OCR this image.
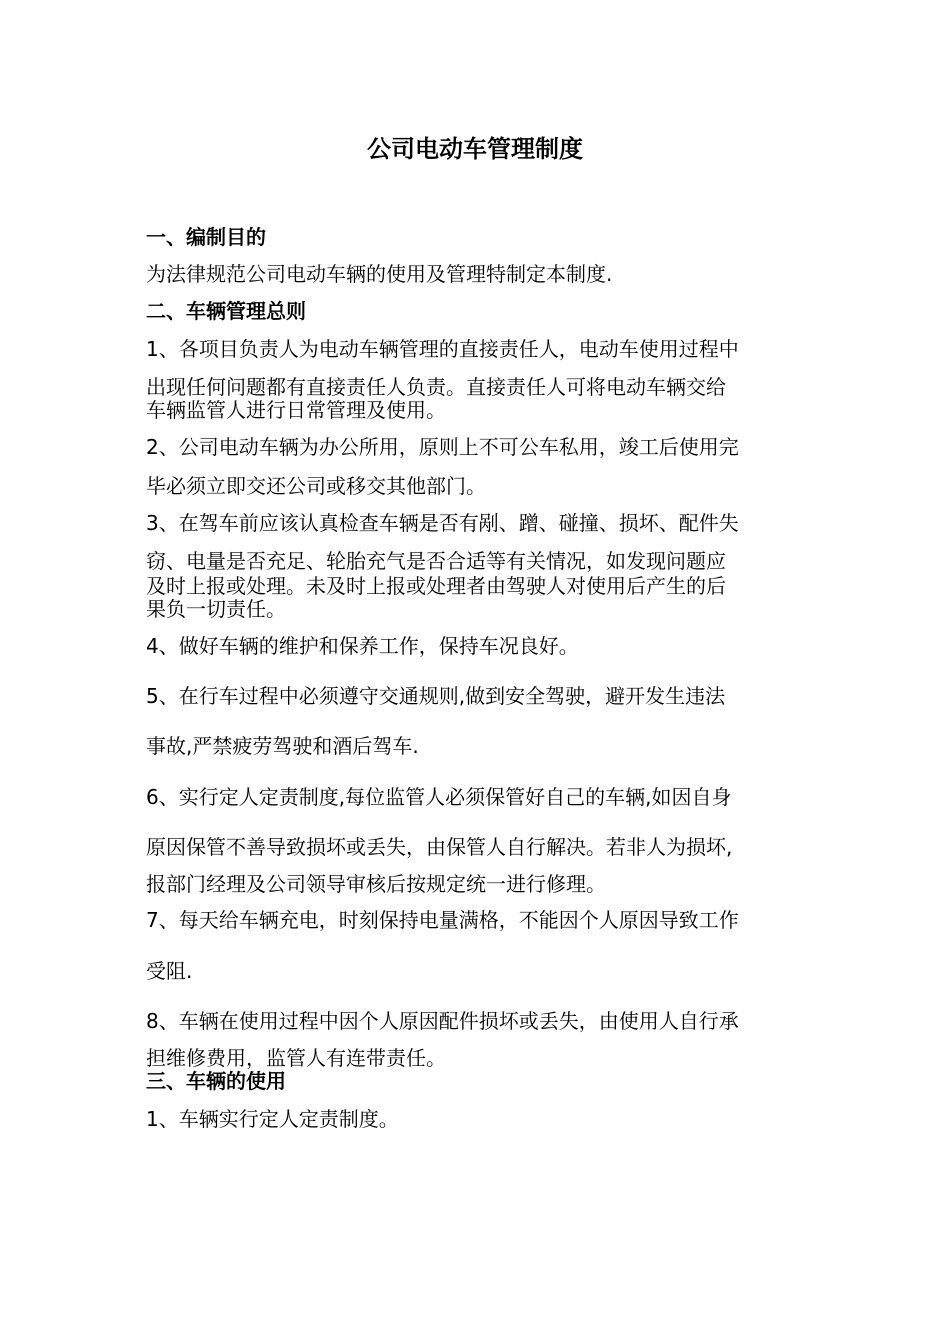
公司电动车管理制度
一、编制目的
为法律规范公司电动车辆的使用及管理特制定本制度.
二、车辆管理总则
1、各项目负责人为电动车辆管理的直接责任人，电动车使用过程中
出现任何问题都有直接责任人负责。直接责任人可将电动车辆交给
车辆监管人进行日常管理及使用。
2、公司电动车辆为办公所用，原则上不可公车私用，竣工后使用完
毕必须立即交还公司或移交其他部门。
3、在驾车前应该认真检查车辆是否有剐、蹭、碰撞、损坏、配件失
窃、电量是否充足、轮胎充气是否合适等有关情况，如发现问题应
及时上报或处理。未及时上报或处理者由驾驶人对使用后产生的后
果负一切责任。
4、做好车辆的维护和保养工作，保持车况良好。
5、在行车过程中必须遵守交通规则,做到安全驾驶，避开发生违法
事故,严禁疲劳驾驶和酒后驾车.
6、实行定人定责制度,每位监管人必须保管好自己的车辆,如因自身
原因保管不善导致损坏或丢失，由保管人自行解决。若非人为损坏,
报部门经理及公司领导审核后按规定统一进行修理。
7、每天给车辆充电，时刻保持电量满格，不能因个人原因导致工作
受阻.
8、车辆在使用过程中因个人原因配件损坏或丢失，由使用人自行承
担维修费用，监管人有连带责任。
三、车辆的使用
1、车辆实行定人定责制度。
